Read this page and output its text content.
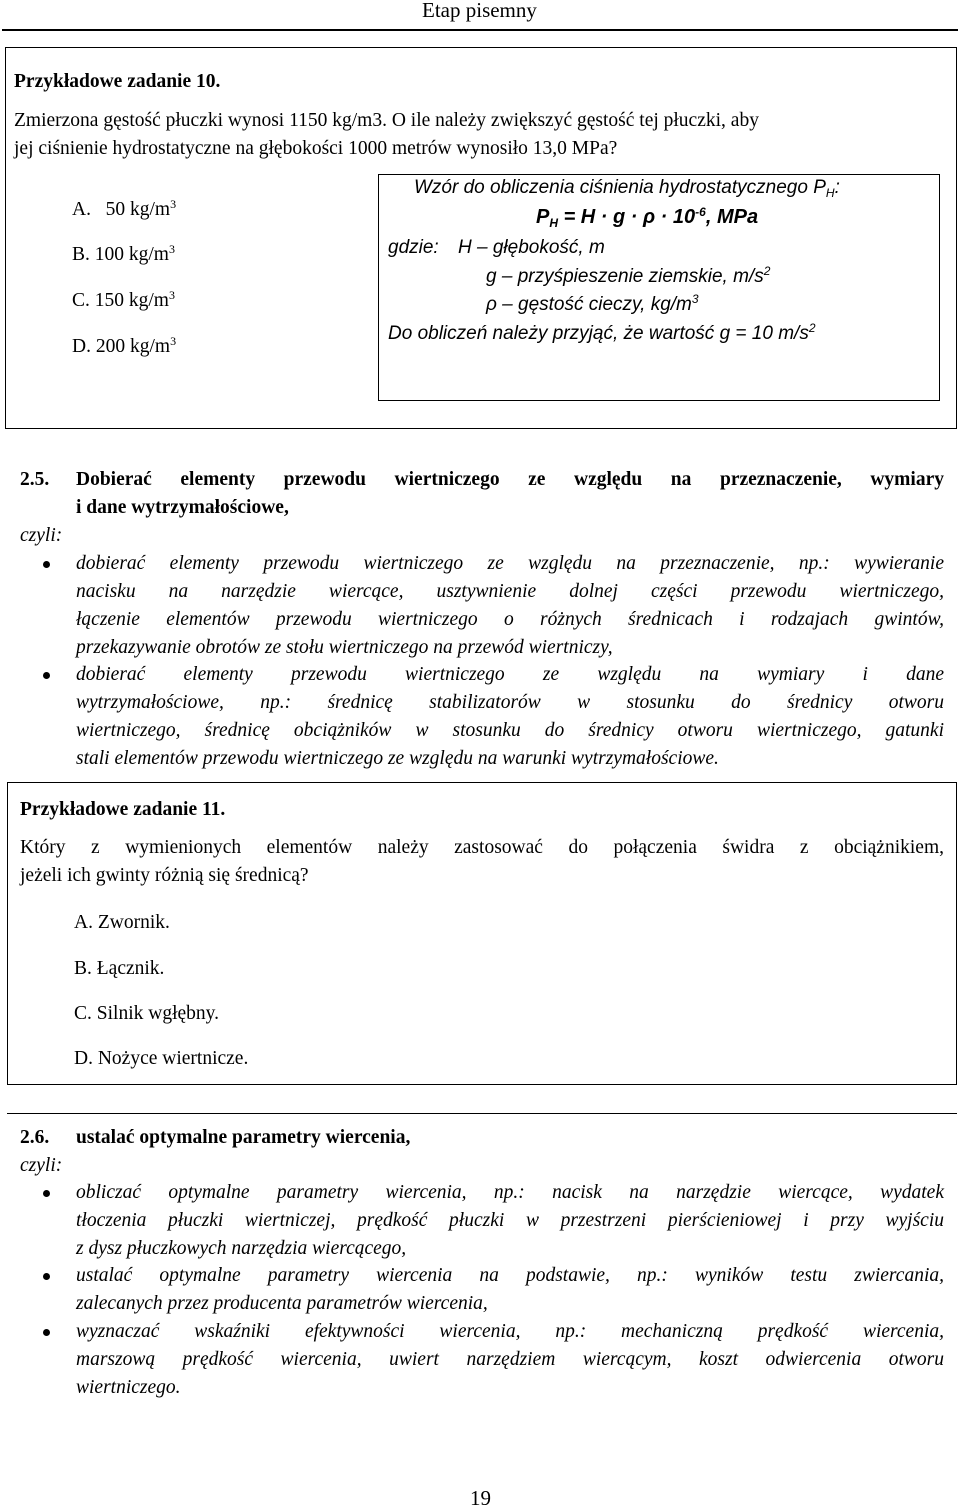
Etap pisemny
Przykładowe zadanie 10.
Zmierzona gęstość płuczki wynosi 1150 kg/m3. O ile należy zwiększyć gęstość tej płuczki, aby
jej ciśnienie hydrostatyczne na głębokości 1000 metrów wynosiło 13,0 MPa?
A. 50 $kg/m^3$
B. 100 $kg/m^3$
C. 150 $kg/m^3$
D. 200 $kg/m^3$
Wzór do obliczenia ciśnienia hydrostatycznego $P_H$:
$P_H = H \cdot g \cdot \rho \cdot 10^{-6}$, MPa
gdzie: H – głębokość, m
g – przyśpieszenie ziemskie, $m/s^2$
ρ – gęstość cieczy, $kg/m^3$
Do obliczeń należy przyjąć, że wartość g = 10 $m/s^2$
2.5. Dobierać elementy przewodu wiertniczego ze względu na przeznaczenie, wymiary
i dane wytrzymałościowe,
czyli:
dobierać elementy przewodu wiertniczego ze względu na przeznaczenie, np.: wywieranie
nacisku na narzędzie wiercące, usztywnienie dolnej części przewodu wiertniczego,
łączenie elementów przewodu wiertniczego o różnych średnicach i rodzajach gwintów,
przekazywanie obrotów ze stołu wiertniczego na przewód wiertniczy,
dobierać elementy przewodu wiertniczego ze względu na wymiary i dane
wytrzymałościowe, np.: średnicę stabilizatorów w stosunku do średnicy otworu
wiertniczego, średnicę obciążników w stosunku do średnicy otworu wiertniczego, gatunki
stali elementów przewodu wiertniczego ze względu na warunki wytrzymałościowe.
Przykładowe zadanie 11.
Który z wymienionych elementów należy zastosować do połączenia świdra z obciążnikiem,
jeżeli ich gwinty różnią się średnicą?
A. Zwornik.
B. Łącznik.
C. Silnik wgłębny.
D. Nożyce wiertnicze.
2.6. ustalać optymalne parametry wiercenia,
czyli:
obliczać optymalne parametry wiercenia, np.: nacisk na narzędzie wiercące, wydatek
tłoczenia płuczki wiertniczej, prędkość płuczki w przestrzeni pierścieniowej i przy wyjściu
z dysz płuczkowych narzędzia wiercącego,
ustalać optymalne parametry wiercenia na podstawie, np.: wyników testu zwiercania,
zalecanych przez producenta parametrów wiercenia,
wyznaczać wskaźniki efektywności wiercenia, np.: mechaniczną prędkość wiercenia,
marszową prędkość wiercenia, uwiert narzędziem wiercącym, koszt odwiercenia otworu
wiertniczego.
19
